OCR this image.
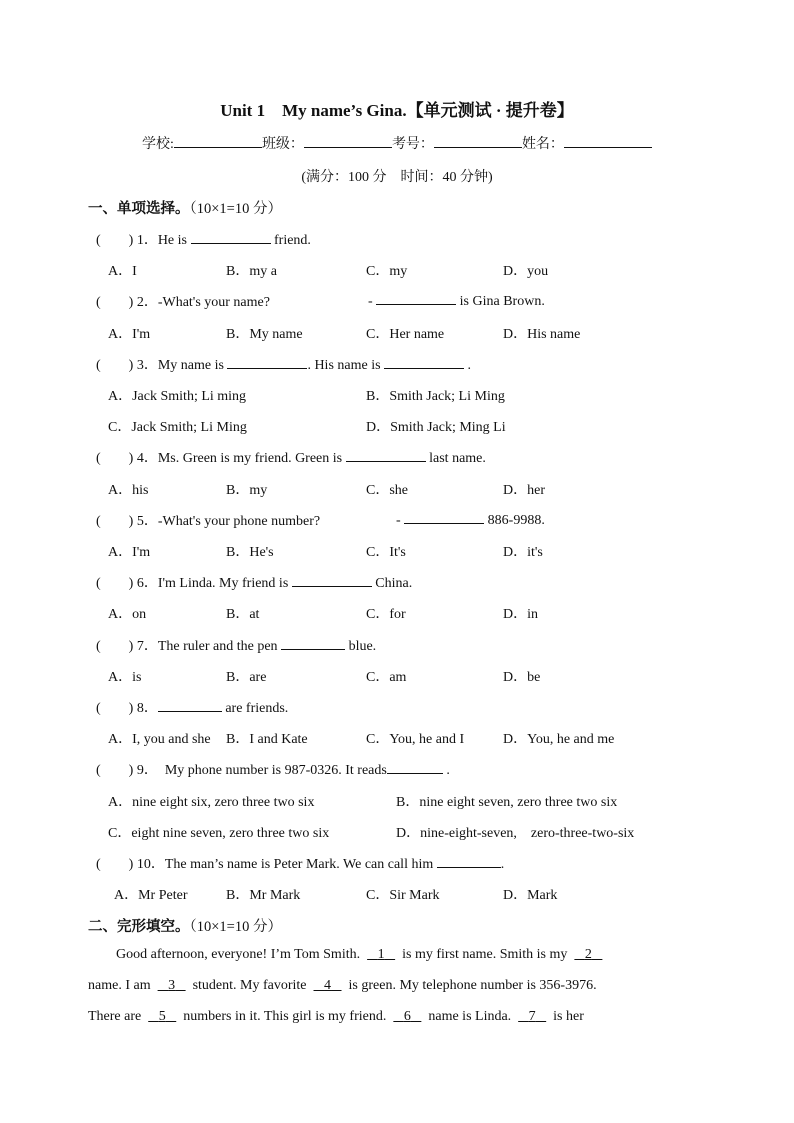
Unit 1　My name’s Gina.【单元测试 · 提升卷】
学校:	班级：	考号：	姓名：
(满分：100 分　时间：40 分钟)
一、单项选择。（10×1=10 分）
(　　) 1．He is	friend.
A．I	B．my a	C．my	D．you
(　　) 2．-What's your name?	-	is Gina Brown.
A．I'm	B．My name	C．Her name	D．His name
(　　) 3．My name is	. His name is	.
A．Jack Smith; Li ming	B．Smith Jack; Li Ming
C．Jack Smith; Li Ming	D．Smith Jack; Ming Li
(　　) 4．Ms. Green is my friend. Green is	last name.
A．his	B．my	C．she	D．her
(　　) 5．-What's your phone number?	-	886-9988.
A．I'm	B．He's	C．It's	D．it's
(　　) 6．I'm Linda. My friend is	China.
A．on	B．at	C．for	D．in
(　　) 7．The ruler and the pen	blue.
A．is	B．are	C．am	D．be
(　　) 8．	are friends.
A．I, you and she B．I and Kate	C．You, he and I	D．You, he and me
(　　) 9．　My phone number is 987-0326. It reads	.
A．nine eight six, zero three two six	B．nine eight seven, zero three two six
C．eight nine seven, zero three two six	D．nine-eight-seven,　zero-three-two-six
(　　) 10．The man’s name is Peter Mark. We can call him	.
A．Mr Peter	B．Mr Mark	C．Sir Mark	D．Mark
二、完形填空。（10×1=10 分）
Good afternoon, everyone! I’m Tom Smith. 1 is my first name. Smith is my 2
name. I am 3 student. My favorite 4 is green. My telephone number is 356-3976.
There are 5 numbers in it. This girl is my friend. 6 name is Linda. 7 is her
